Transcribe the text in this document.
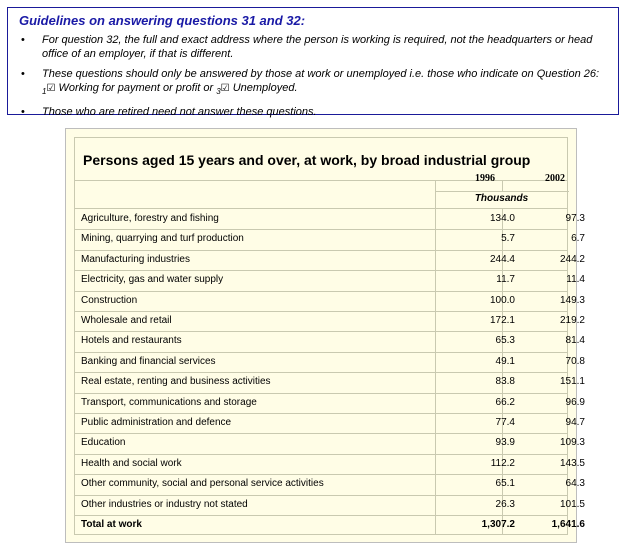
Guidelines on answering questions 31 and 32:
• For question 32, the full and exact address where the person is working is required, not the headquarters or head office of an employer, if that is different.
• These questions should only be answered by those at work or unemployed i.e. those who indicate on Question 26: $_1$☑ Working for payment or profit or $_3$☑ Unemployed.
• Those who are retired need not answer these questions.
Persons aged 15 years and over, at work, by broad industrial group
1996	2002
Thousands
Agriculture, forestry and fishing	134.0	97.3
Mining, quarrying and turf production	5.7	6.7
Manufacturing industries	244.4	244.2
Electricity, gas and water supply	11.7	11.4
Construction	100.0	149.3
Wholesale and retail	172.1	219.2
Hotels and restaurants	65.3	81.4
Banking and financial services	49.1	70.8
Real estate, renting and business activities	83.8	151.1
Transport, communications and storage	66.2	96.9
Public administration and defence	77.4	94.7
Education	93.9	109.3
Health and social work	112.2	143.5
Other community, social and personal service activities	65.1	64.3
Other industries or industry not stated	26.3	101.5
Total at work	1,307.2	1,641.6
